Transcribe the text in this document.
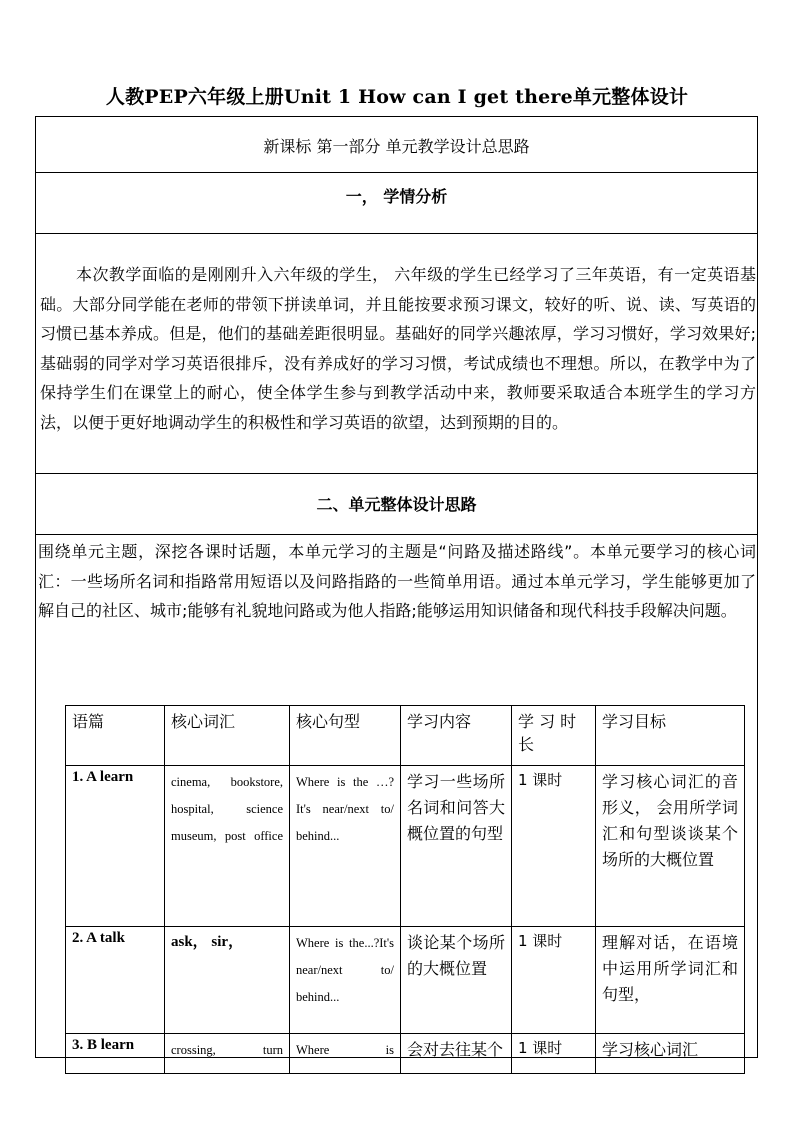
人教PEP六年级上册Unit 1 How can I get there单元整体设计
新课标 第一部分 单元教学设计总思路
一， 学情分析
本次教学面临的是刚刚升入六年级的学生， 六年级的学生已经学习了三年英语，有一定英语基础。大部分同学能在老师的带领下拼读单词，并且能按要求预习课文，较好的听、说、读、写英语的习惯已基本养成。但是，他们的基础差距很明显。基础好的同学兴趣浓厚，学习习惯好，学习效果好;基础弱的同学对学习英语很排斥，没有养成好的学习习惯，考试成绩也不理想。所以，在教学中为了保持学生们在课堂上的耐心，使全体学生参与到教学活动中来，教师要采取适合本班学生的学习方法，以便于更好地调动学生的积极性和学习英语的欲望，达到预期的目的。
二、单元整体设计思路
围绕单元主题，深挖各课时话题，本单元学习的主题是“问路及描述路线”。本单元要学习的核心词汇：一些场所名词和指路常用短语以及问路指路的一些简单用语。通过本单元学习，学生能够更加了解自己的社区、城市;能够有礼貌地问路或为他人指路;能够运用知识储备和现代科技手段解决问题。
语篇	核心词汇	核心句型	学习内容	学 习 时 长	学习目标
1. A learn	cinema, bookstore, hospital, science museum, post office	Where is the …?It's near/next to/ behind...	学习一些场所名词和问答大概位置的句型	1 课时	学习核心词汇的音形义， 会用所学词汇和句型谈谈某个场所的大概位置
2. A talk	ask， sir，	Where is the...?It's near/next to/ behind...	谈论某个场所的大概位置	1 课时	理解对话，在语境中运用所学词汇和句型，
3. B learn	crossing, turn	Where is	会对去往某个	1 课时	学习核心词汇
